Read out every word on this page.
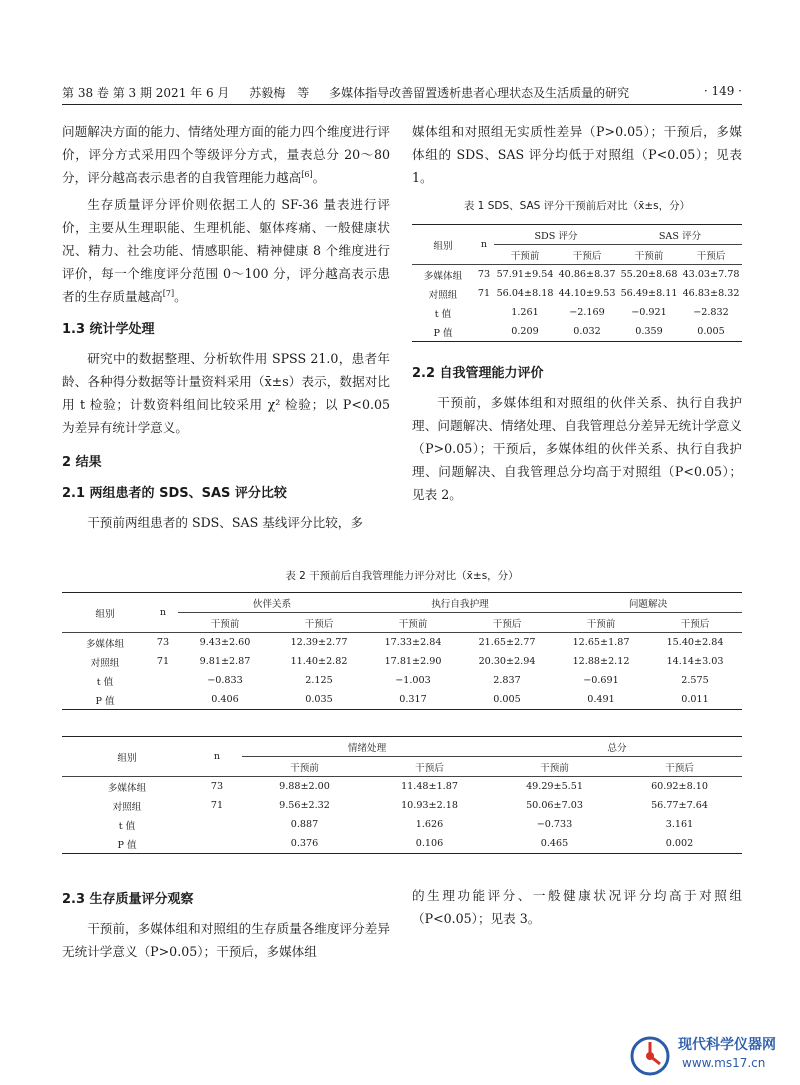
第 38 卷 第 3 期 2021 年 6 月 苏毅梅　等 多媒体指导改善留置透析患者心理状态及生活质量的研究	· 149 ·

问题解决方面的能力、情绪处理方面的能力四个维度进行评价，评分方式采用四个等级评分方式，量表总分 20～80 分，评分越高表示患者的自我管理能力越高[6]。

生存质量评分评价则依据工人的 SF-36 量表进行评价，主要从生理职能、生理机能、躯体疼痛、一般健康状况、精力、社会功能、情感职能、精神健康 8 个维度进行评价，每一个维度评分范围 0～100 分，评分越高表示患者的生存质量越高[7]。

1.3 统计学处理

研究中的数据整理、分析软件用 SPSS 21.0，患者年龄、各种得分数据等计量资料采用（x̄±s）表示，数据对比用 t 检验；计数资料组间比较采用 χ² 检验；以 P<0.05 为差异有统计学意义。

2 结果

2.1 两组患者的 SDS、SAS 评分比较

干预前两组患者的 SDS、SAS 基线评分比较，多

媒体组和对照组无实质性差异（P>0.05）；干预后，多媒体组的 SDS、SAS 评分均低于对照组（P<0.05）；见表 1。

表 1 SDS、SAS 评分干预前后对比（x̄±s，分）
组别	n	SDS 评分		SAS 评分	
		干预前	干预后	干预前	干预后
多媒体组	73	57.91±9.54	40.86±8.37	55.20±8.68	43.03±7.78
对照组	71	56.04±8.18	44.10±9.53	56.49±8.11	46.83±8.32
t 值		1.261	−2.169	−0.921	−2.832
P 值		0.209	0.032	0.359	0.005

2.2 自我管理能力评价

干预前，多媒体组和对照组的伙伴关系、执行自我护理、问题解决、情绪处理、自我管理总分差异无统计学意义（P>0.05）；干预后，多媒体组的伙伴关系、执行自我护理、问题解决、自我管理总分均高于对照组（P<0.05）；见表 2。

表 2 干预前后自我管理能力评分对比（x̄±s，分）
组别	n	伙伴关系		执行自我护理		问题解决	
		干预前	干预后	干预前	干预后	干预前	干预后
多媒体组	73	9.43±2.60	12.39±2.77	17.33±2.84	21.65±2.77	12.65±1.87	15.40±2.84
对照组	71	9.81±2.87	11.40±2.82	17.81±2.90	20.30±2.94	12.88±2.12	14.14±3.03
t 值		−0.833	2.125	−1.003	2.837	−0.691	2.575
P 值		0.406	0.035	0.317	0.005	0.491	0.011
组别	n	情绪处理		总分	
		干预前	干预后	干预前	干预后
多媒体组	73	9.88±2.00	11.48±1.87	49.29±5.51	60.92±8.10
对照组	71	9.56±2.32	10.93±2.18	50.06±7.03	56.77±7.64
t 值		0.887	1.626	−0.733	3.161
P 值		0.376	0.106	0.465	0.002

2.3 生存质量评分观察

干预前，多媒体组和对照组的生存质量各维度评分差异无统计学意义（P>0.05）；干预后，多媒体组

的生理功能评分、一般健康状况评分均高于对照组（P<0.05）；见表 3。

现代科学仪器网
www.ms17.cn
